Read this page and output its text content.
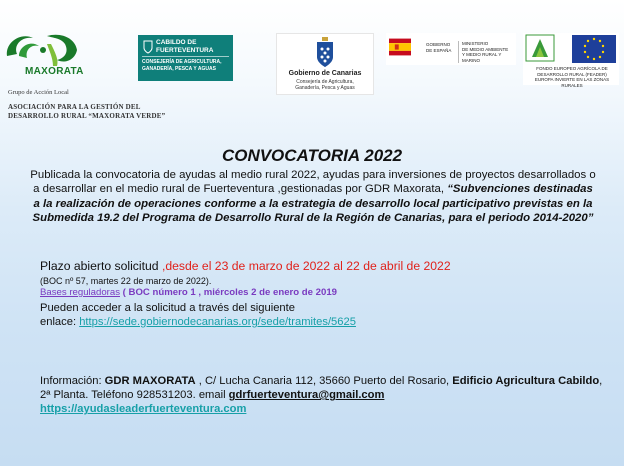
MAXORATA
Grupo de Acción Local
ASOCIACIÓN PARA LA GESTIÓN DEL
DESARROLLO RURAL “MAXORATA VERDE”
CABILDO DE
FUERTEVENTURA
CONSEJERÍA DE AGRICULTURA, GANADERÍA, PESCA Y AGUAS
Gobierno de Canarias
Consejería de Agricultura,
Ganadería, Pesca y Aguas
GOBIERNO
DE ESPAÑA
MINISTERIO
DE MEDIO AMBIENTE
Y MEDIO RURAL Y MARINO
FONDO EUROPEO AGRÍCOLA DE
DESARROLLO RURAL (FEADER)
EUROPA INVIERTE EN LAS ZONAS RURALES
CONVOCATORIA 2022
Publicada la convocatoria de ayudas al medio rural 2022, ayudas para inversiones de proyectos desarrollados o a desarrollar en el medio rural de Fuerteventura ,gestionadas por GDR Maxorata, “Subvenciones destinadas a la realización de operaciones conforme a la estrategia de desarrollo local participativo previstas en la Submedida 19.2 del Programa de Desarrollo Rural de la Región de Canarias, para el periodo 2014-2020”
Plazo abierto solicitud ,desde el 23 de marzo de 2022 al 22 de abril de 2022
(BOC nº 57, martes 22 de marzo de 2022).
Bases reguladoras ( BOC número 1 , miércoles 2 de enero de 2019
Pueden acceder a la solicitud a través del siguiente
enlace: https://sede.gobiernodecanarias.org/sede/tramites/5625
Información: GDR MAXORATA , C/ Lucha Canaria 112, 35660 Puerto del Rosario, Edificio Agricultura Cabildo, 2ª Planta. Teléfono 928531203. email gdrfuerteventura@gmail.com
https://ayudasleaderfuerteventura.com
